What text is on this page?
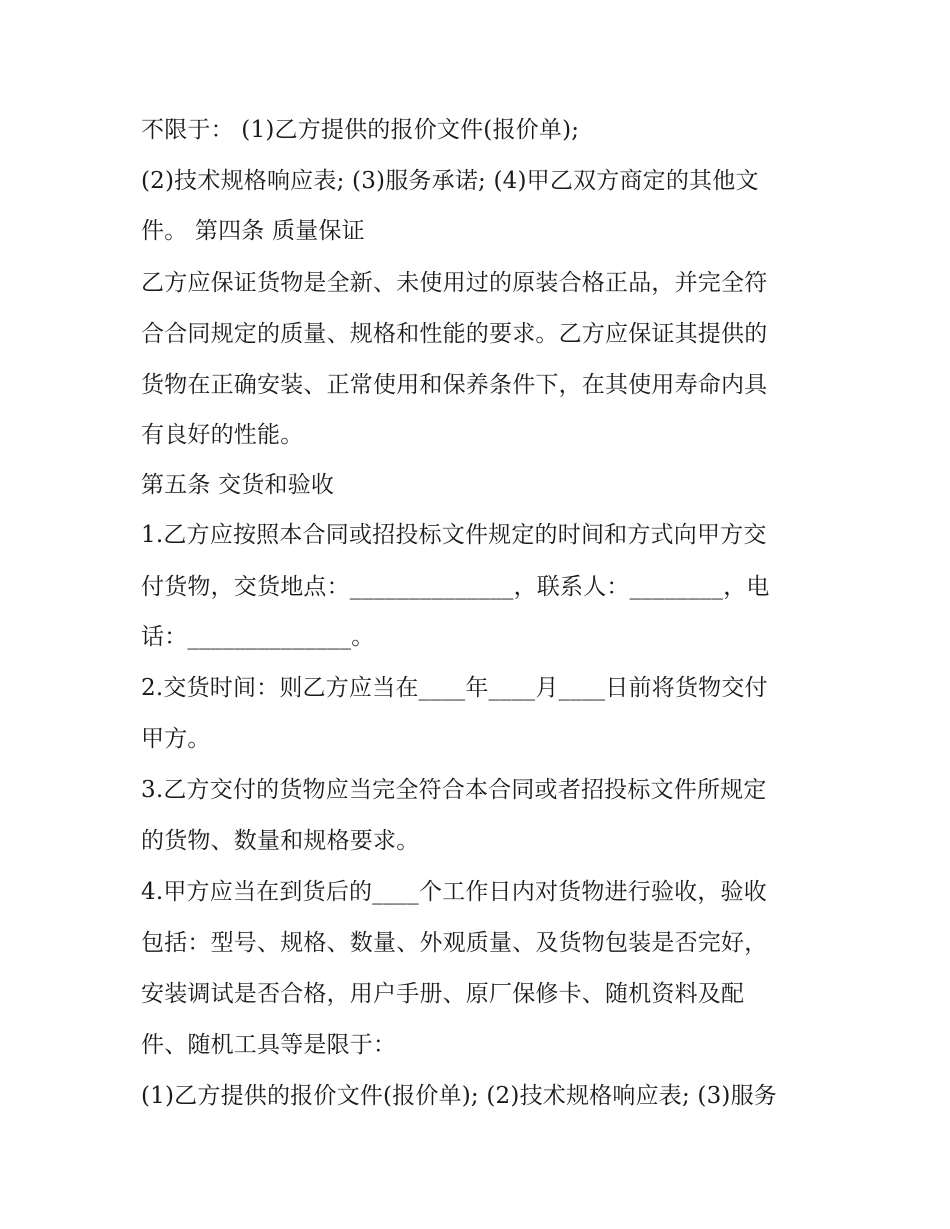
不限于： (1)乙方提供的报价文件(报价单);
(2)技术规格响应表; (3)服务承诺; (4)甲乙双方商定的其他文
件。 第四条 质量保证
乙方应保证货物是全新、未使用过的原装合格正品，并完全符
合合同规定的质量、规格和性能的要求。乙方应保证其提供的
货物在正确安装、正常使用和保养条件下，在其使用寿命内具
有良好的性能。
第五条 交货和验收
1.乙方应按照本合同或招投标文件规定的时间和方式向甲方交
付货物，交货地点：______________，联系人：________，电
话：______________。
2.交货时间：则乙方应当在____年____月____日前将货物交付
甲方。
3.乙方交付的货物应当完全符合本合同或者招投标文件所规定
的货物、数量和规格要求。
4.甲方应当在到货后的____个工作日内对货物进行验收，验收
包括：型号、规格、数量、外观质量、及货物包装是否完好，
安装调试是否合格，用户手册、原厂保修卡、随机资料及配
件、随机工具等是限于：
(1)乙方提供的报价文件(报价单); (2)技术规格响应表; (3)服务
